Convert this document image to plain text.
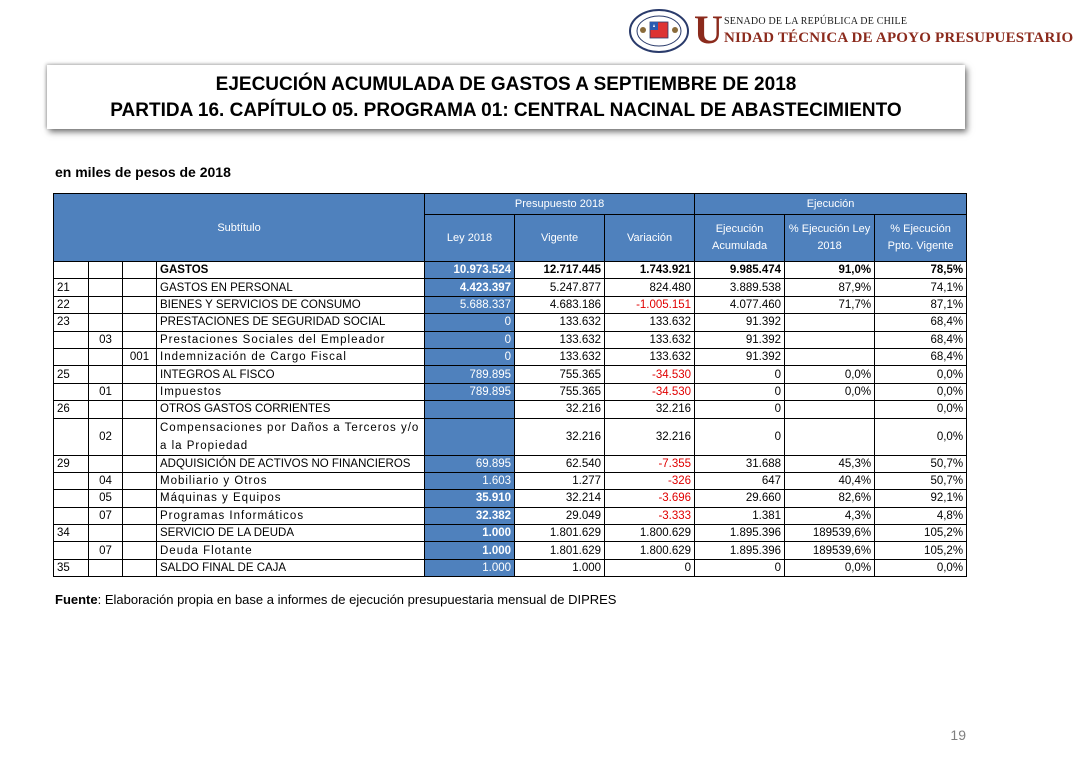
U SENADO DE LA REPÚBLICA DE CHILE
NIDAD TÉCNICA DE APOYO PRESUPUESTARIO
EJECUCIÓN ACUMULADA DE GASTOS A SEPTIEMBRE DE 2018
PARTIDA 16. CAPÍTULO 05. PROGRAMA 01: CENTRAL NACINAL DE ABASTECIMIENTO
en miles de pesos de 2018
Subtítulo				Presupuesto 2018			Ejecución		
				Ley 2018	Vigente	Variación	Ejecución Acumulada	% Ejecución Ley 2018	% Ejecución Ppto. Vigente
			GASTOS	10.973.524	12.717.445	1.743.921	9.985.474	91,0%	78,5%
21			GASTOS EN PERSONAL	4.423.397	5.247.877	824.480	3.889.538	87,9%	74,1%
22			BIENES Y SERVICIOS DE CONSUMO	5.688.337	4.683.186	-1.005.151	4.077.460	71,7%	87,1%
23			PRESTACIONES DE SEGURIDAD SOCIAL	0	133.632	133.632	91.392		68,4%
	03		Prestaciones Sociales del Empleador	0	133.632	133.632	91.392		68,4%
		001	Indemnización de Cargo Fiscal	0	133.632	133.632	91.392		68,4%
25			INTEGROS AL FISCO	789.895	755.365	-34.530	0	0,0%	0,0%
	01		Impuestos	789.895	755.365	-34.530	0	0,0%	0,0%
26			OTROS GASTOS CORRIENTES		32.216	32.216	0		0,0%
	02		Compensaciones por Daños a Terceros y/o a la Propiedad		32.216	32.216	0		0,0%
29			ADQUISICIÓN DE ACTIVOS NO FINANCIEROS	69.895	62.540	-7.355	31.688	45,3%	50,7%
	04		Mobiliario y Otros	1.603	1.277	-326	647	40,4%	50,7%
	05		Máquinas y Equipos	35.910	32.214	-3.696	29.660	82,6%	92,1%
	07		Programas Informáticos	32.382	29.049	-3.333	1.381	4,3%	4,8%
34			SERVICIO DE LA DEUDA	1.000	1.801.629	1.800.629	1.895.396	189539,6%	105,2%
	07		Deuda Flotante	1.000	1.801.629	1.800.629	1.895.396	189539,6%	105,2%
35			SALDO FINAL DE CAJA	1.000	1.000	0	0	0,0%	0,0%
Fuente: Elaboración propia en base a informes de ejecución presupuestaria mensual de DIPRES
19
